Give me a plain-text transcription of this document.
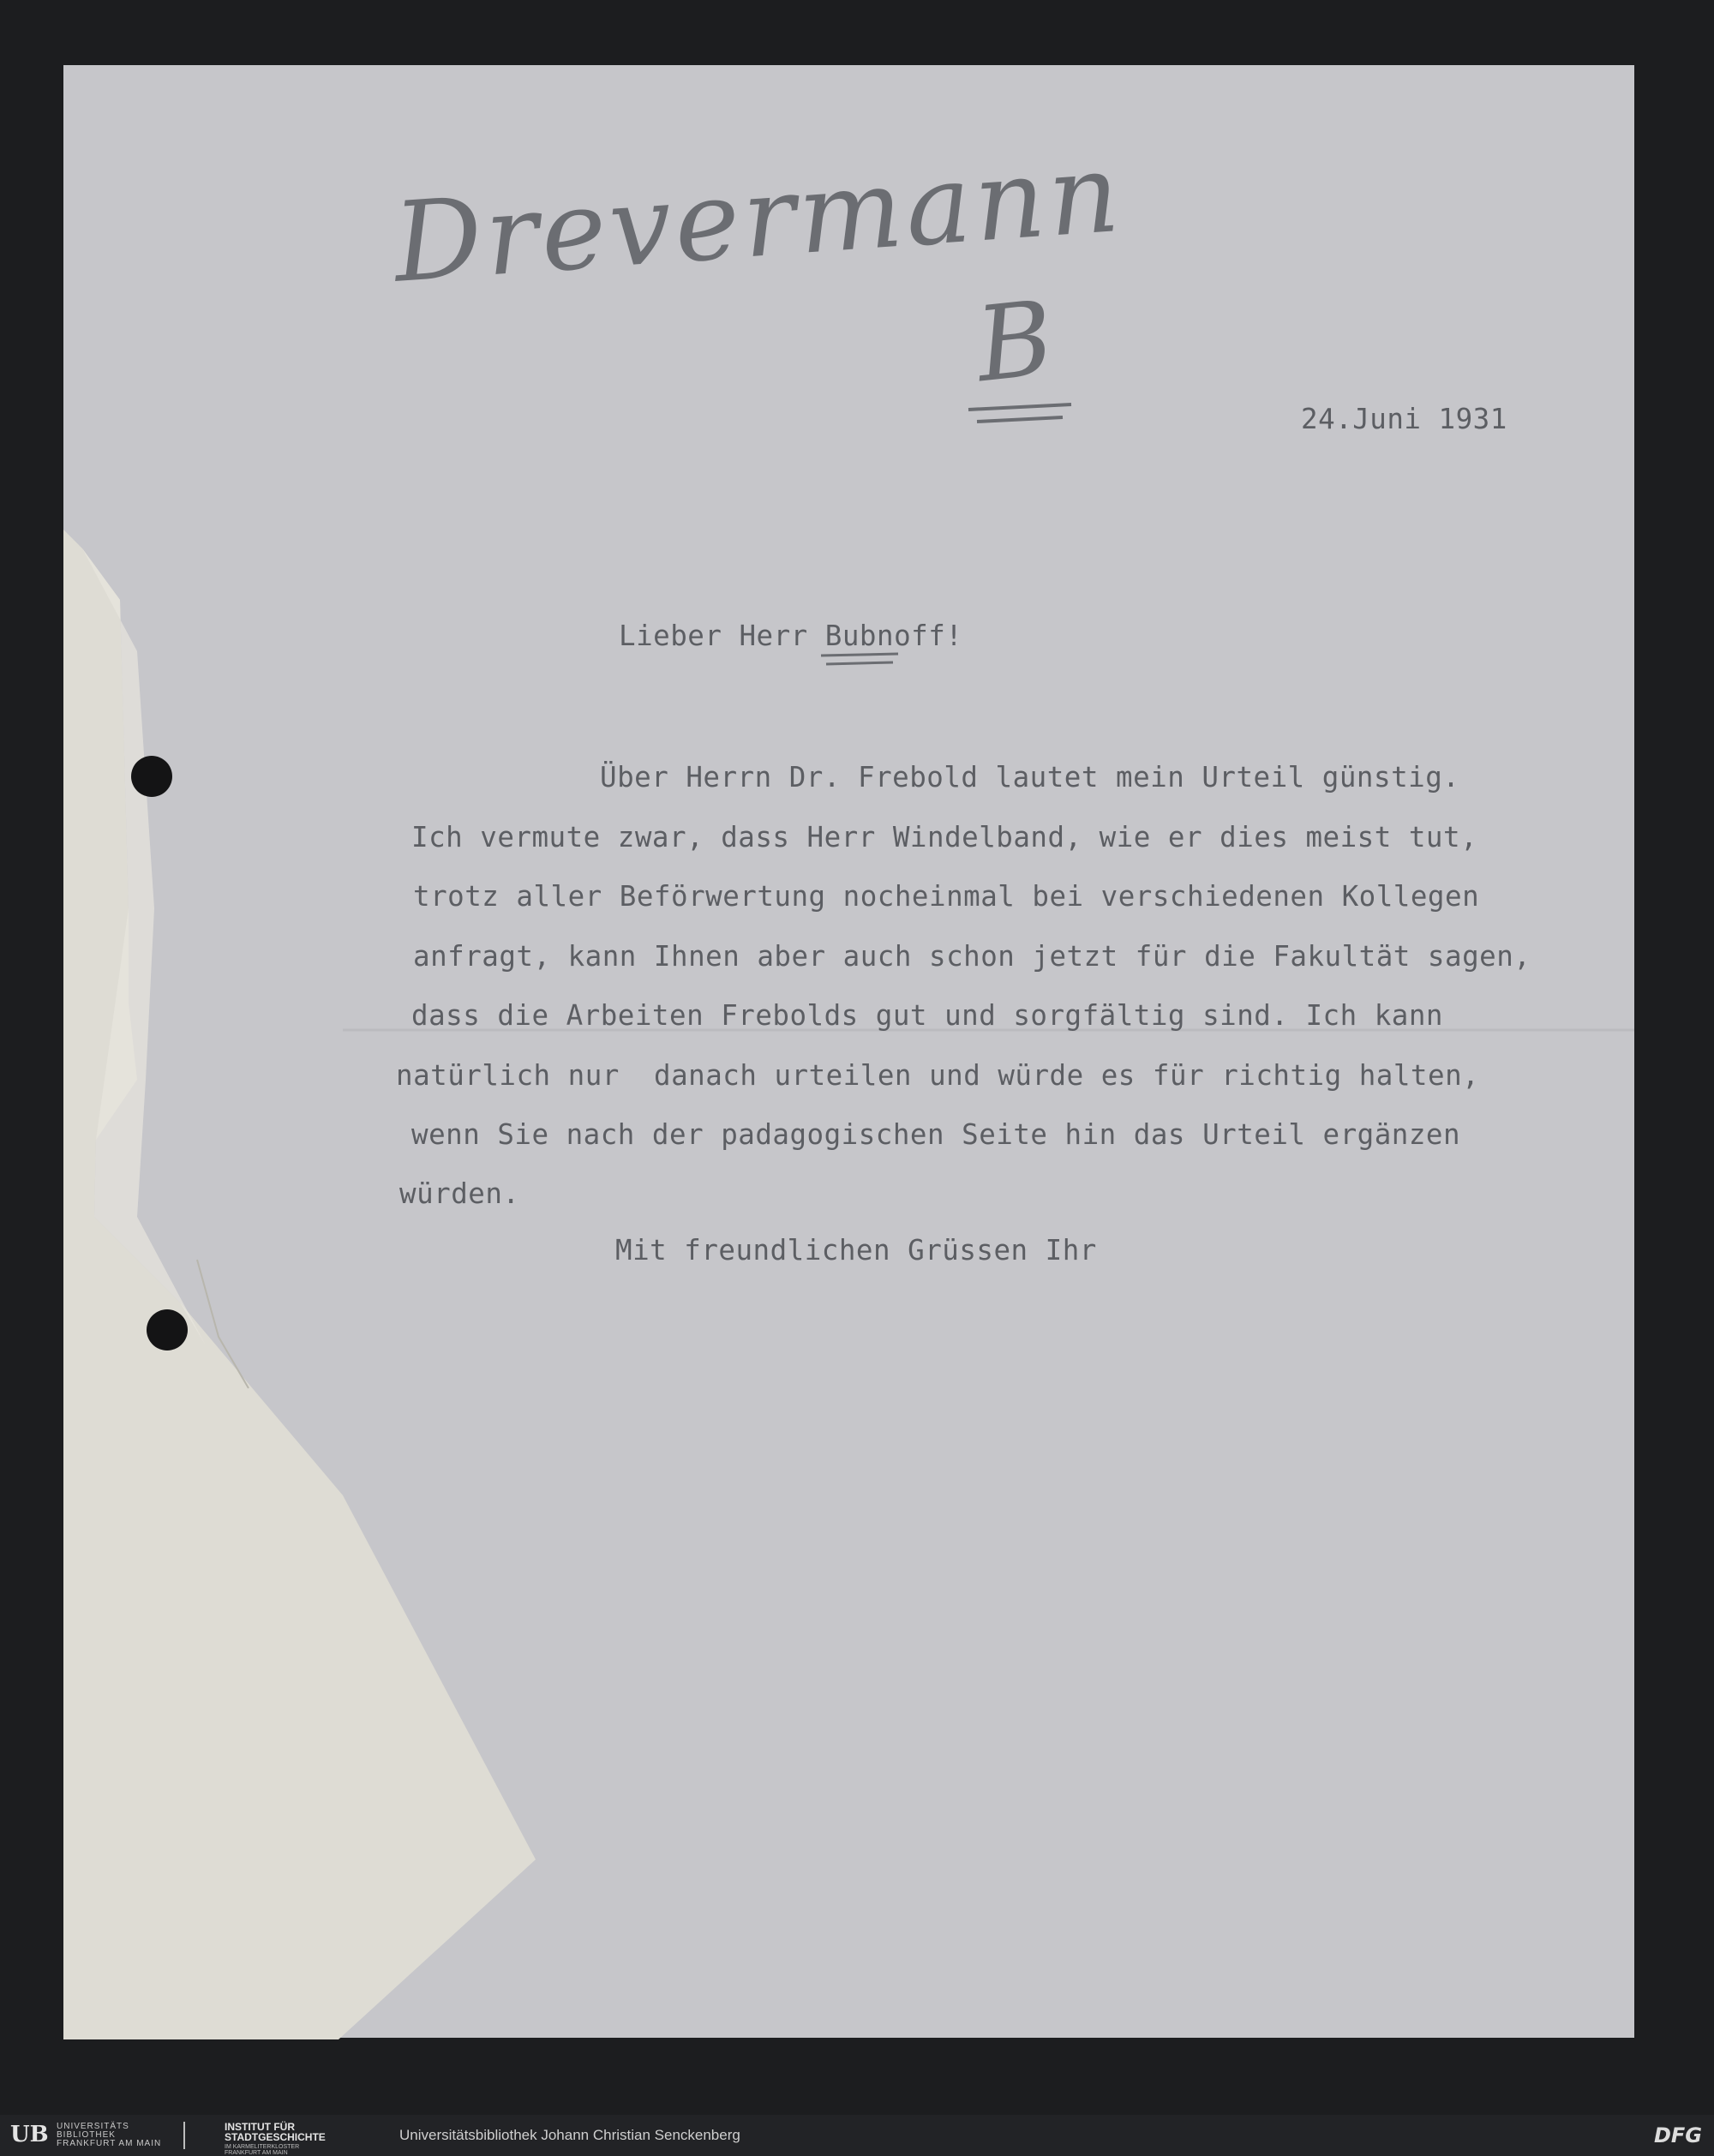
Drevermann
B
24.Juni 1931
Lieber Herr Bubnoff!
Über Herrn Dr. Frebold lautet mein Urteil günstig.
Ich vermute zwar, dass Herr Windelband, wie er dies meist tut,
trotz aller Beförwertung nocheinmal bei verschiedenen Kollegen
anfragt, kann Ihnen aber auch schon jetzt für die Fakultät sagen,
dass die Arbeiten Frebolds gut und sorgfältig sind. Ich kann
natürlich nur  danach urteilen und würde es für richtig halten,
wenn Sie nach der padagogischen Seite hin das Urteil ergänzen
würden.
Mit freundlichen Grüssen Ihr
UB UNIVERSITÄTS
BIBLIOTHEK
FRANKFURT AM MAIN
INSTITUT FÜR
STADTGESCHICHTE
IM KARMELITERKLOSTER
FRANKFURT AM MAIN
Universitätsbibliothek Johann Christian Senckenberg	DFG
